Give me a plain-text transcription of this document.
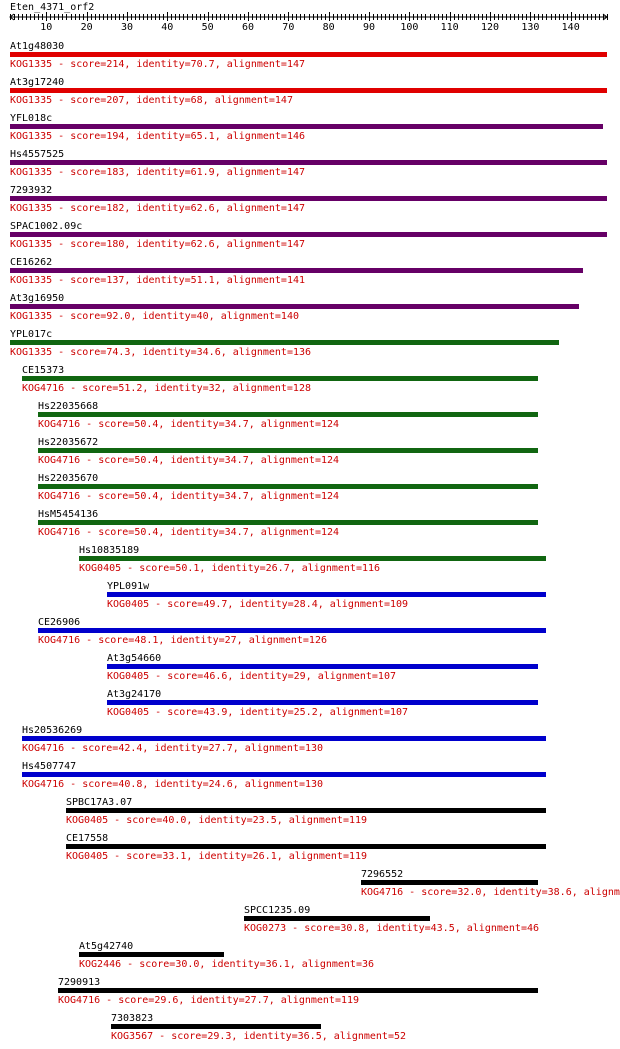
Eten_4371_orf2
10	20	30	40	50	60	70	80	90	100 110 120 130 140
At1g48030
KOG1335 - score=214, identity=70.7, alignment=147
At3g17240
KOG1335 - score=207, identity=68, alignment=147
YFL018c
KOG1335 - score=194, identity=65.1, alignment=146
Hs4557525
KOG1335 - score=183, identity=61.9, alignment=147
7293932
KOG1335 - score=182, identity=62.6, alignment=147
SPAC1002.09c
KOG1335 - score=180, identity=62.6, alignment=147
CE16262
KOG1335 - score=137, identity=51.1, alignment=141
At3g16950
KOG1335 - score=92.0, identity=40, alignment=140
YPL017c
KOG1335 - score=74.3, identity=34.6, alignment=136
CE15373
KOG4716 - score=51.2, identity=32, alignment=128
Hs22035668
KOG4716 - score=50.4, identity=34.7, alignment=124
Hs22035672
KOG4716 - score=50.4, identity=34.7, alignment=124
Hs22035670
KOG4716 - score=50.4, identity=34.7, alignment=124
HsM5454136
KOG4716 - score=50.4, identity=34.7, alignment=124
Hs10835189
KOG0405 - score=50.1, identity=26.7, alignment=116
YPL091w
KOG0405 - score=49.7, identity=28.4, alignment=109
CE26906
KOG4716 - score=48.1, identity=27, alignment=126
At3g54660
KOG0405 - score=46.6, identity=29, alignment=107
At3g24170
KOG0405 - score=43.9, identity=25.2, alignment=107
Hs20536269
KOG4716 - score=42.4, identity=27.7, alignment=130
Hs4507747
KOG4716 - score=40.8, identity=24.6, alignment=130
SPBC17A3.07
KOG0405 - score=40.0, identity=23.5, alignment=119
CE17558
KOG0405 - score=33.1, identity=26.1, alignment=119
7296552
KOG4716 - score=32.0, identity=38.6, alignm
SPCC1235.09
KOG0273 - score=30.8, identity=43.5, alignment=46
At5g42740
KOG2446 - score=30.0, identity=36.1, alignment=36
7290913
KOG4716 - score=29.6, identity=27.7, alignment=119
7303823
KOG3567 - score=29.3, identity=36.5, alignment=52
